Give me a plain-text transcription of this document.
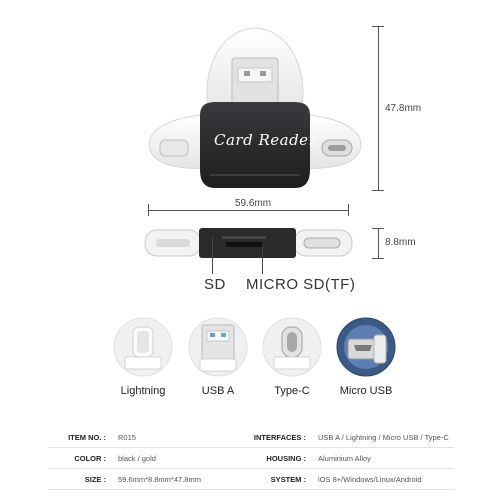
Card Reader
47.8mm
59.6mm
8.8mm
SD MICRO SD(TF)
Lightning	USB A	Type-C	Micro USB
ITEM NO. :	R015	INTERFACES :	USB A / Lightning / Micro USB / Type-C
COLOR :	black / gold	HOUSING :	Aluminium Alloy
SIZE :	59.6mm*8.8mm*47.8mm	SYSTEM :	iOS 8+/Windows/Linux/Android
